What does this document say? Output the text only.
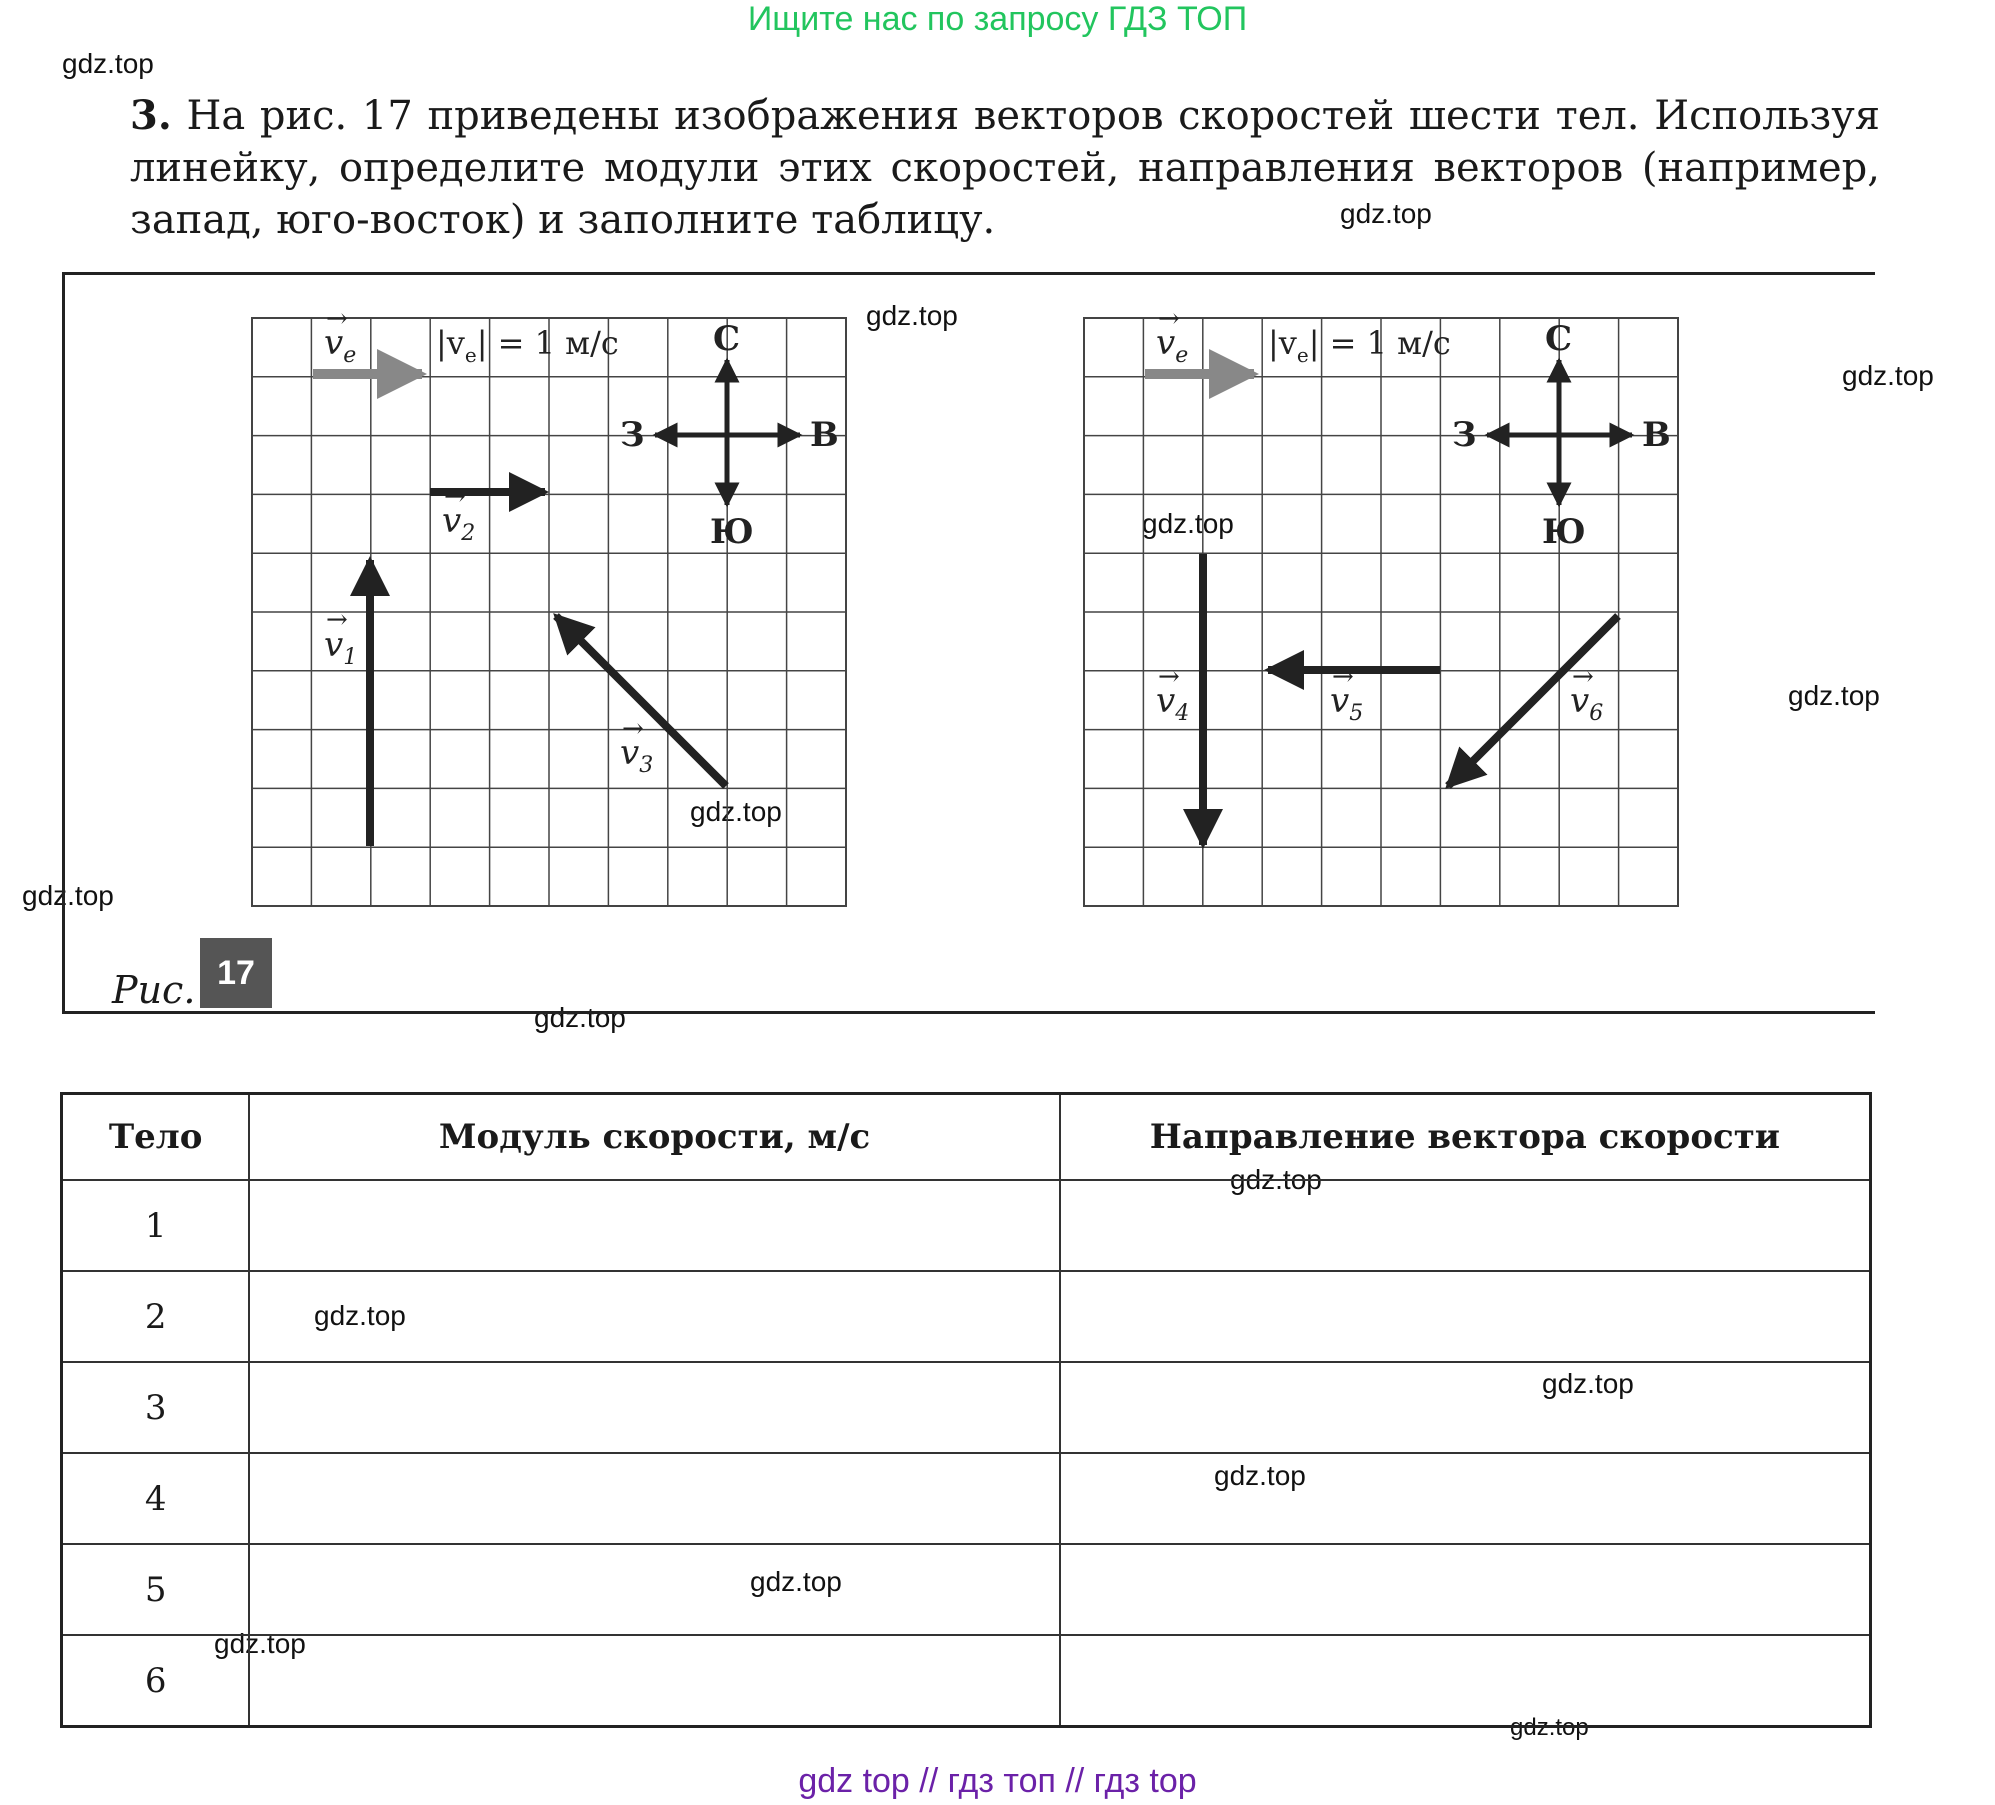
Ищите нас по запросу ГДЗ ТОП
gdz top // гдз топ // гдз top
gdz.top
gdz.top
gdz.top
gdz.top
gdz.top
gdz.top
gdz.top
gdz.top
gdz.top
gdz.top
gdz.top
gdz.top
gdz.top
gdz.top
gdz.top
gdz.top
3. На рис. 17 приведены изображения векторов скоростей шести тел. Используя линейку, определите модули этих скоростей, направления векторов (например, запад, юго-восток) и заполните таблицу.
$v_e$
→
$|v_e| = 1$ м/с	С
Ю
З	В
$v_1$
→
$v_2$
→
$v_3$
→
$v_e$
→
$|v_e| = 1$ м/с	С
Ю
З	В
$v_4$
→
$v_5$
→
$v_6$
→
Рис. 17
Тело	Модуль скорости, м/с	Направление вектора скорости
1		
2		
3		
4		
5		
6		
